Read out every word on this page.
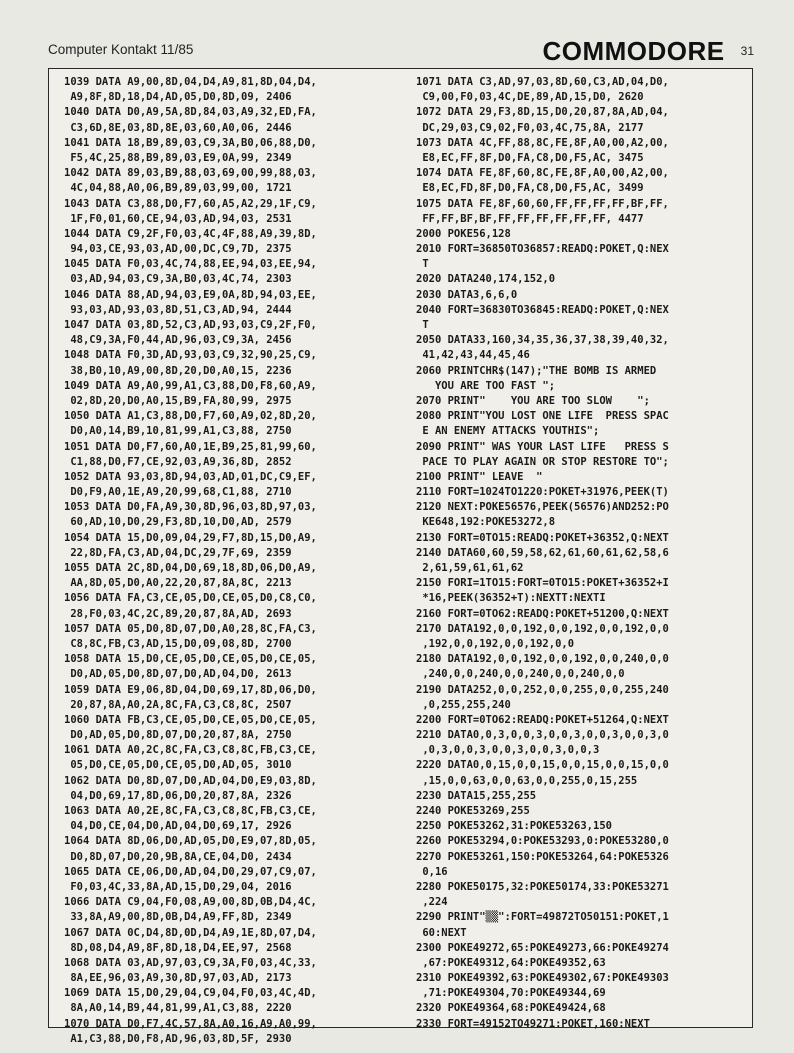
Computer Kontakt 11/85	COMMODORE $^{31}$
1039 DATA A9,00,8D,04,D4,A9,81,8D,04,D4,
A9,8F,8D,18,D4,AD,05,D0,8D,09, 2406
1040 DATA D0,A9,5A,8D,84,03,A9,32,ED,FA,
C3,6D,8E,03,8D,8E,03,60,A0,06, 2446
1041 DATA 18,B9,89,03,C9,3A,B0,06,88,D0,
F5,4C,25,88,B9,89,03,E9,0A,99, 2349
1042 DATA 89,03,B9,88,03,69,00,99,88,03,
4C,04,88,A0,06,B9,89,03,99,00, 1721
1043 DATA C3,88,D0,F7,60,A5,A2,29,1F,C9,
1F,F0,01,60,CE,94,03,AD,94,03, 2531
1044 DATA C9,2F,F0,03,4C,4F,88,A9,39,8D,
94,03,CE,93,03,AD,00,DC,C9,7D, 2375
1045 DATA F0,03,4C,74,88,EE,94,03,EE,94,
03,AD,94,03,C9,3A,B0,03,4C,74, 2303
1046 DATA 88,AD,94,03,E9,0A,8D,94,03,EE,
93,03,AD,93,03,8D,51,C3,AD,94, 2444
1047 DATA 03,8D,52,C3,AD,93,03,C9,2F,F0,
48,C9,3A,F0,44,AD,96,03,C9,3A, 2456
1048 DATA F0,3D,AD,93,03,C9,32,90,25,C9,
38,B0,10,A9,00,8D,20,D0,A0,15, 2236
1049 DATA A9,A0,99,A1,C3,88,D0,F8,60,A9,
02,8D,20,D0,A0,15,B9,FA,80,99, 2975
1050 DATA A1,C3,88,D0,F7,60,A9,02,8D,20,
D0,A0,14,B9,10,81,99,A1,C3,88, 2750
1051 DATA D0,F7,60,A0,1E,B9,25,81,99,60,
C1,88,D0,F7,CE,92,03,A9,36,8D, 2852
1052 DATA 93,03,8D,94,03,AD,01,DC,C9,EF,
D0,F9,A0,1E,A9,20,99,68,C1,88, 2710
1053 DATA D0,FA,A9,30,8D,96,03,8D,97,03,
60,AD,10,D0,29,F3,8D,10,D0,AD, 2579
1054 DATA 15,D0,09,04,29,F7,8D,15,D0,A9,
22,8D,FA,C3,AD,04,DC,29,7F,69, 2359
1055 DATA 2C,8D,04,D0,69,18,8D,06,D0,A9,
AA,8D,05,D0,A0,22,20,87,8A,8C, 2213
1056 DATA FA,C3,CE,05,D0,CE,05,D0,C8,C0,
28,F0,03,4C,2C,89,20,87,8A,AD, 2693
1057 DATA 05,D0,8D,07,D0,A0,28,8C,FA,C3,
C8,8C,FB,C3,AD,15,D0,09,08,8D, 2700
1058 DATA 15,D0,CE,05,D0,CE,05,D0,CE,05,
D0,AD,05,D0,8D,07,D0,AD,04,D0, 2613
1059 DATA E9,06,8D,04,D0,69,17,8D,06,D0,
20,87,8A,A0,2A,8C,FA,C3,C8,8C, 2507
1060 DATA FB,C3,CE,05,D0,CE,05,D0,CE,05,
D0,AD,05,D0,8D,07,D0,20,87,8A, 2750
1061 DATA A0,2C,8C,FA,C3,C8,8C,FB,C3,CE,
05,D0,CE,05,D0,CE,05,D0,AD,05, 3010
1062 DATA D0,8D,07,D0,AD,04,D0,E9,03,8D,
04,D0,69,17,8D,06,D0,20,87,8A, 2326
1063 DATA A0,2E,8C,FA,C3,C8,8C,FB,C3,CE,
04,D0,CE,04,D0,AD,04,D0,69,17, 2926
1064 DATA 8D,06,D0,AD,05,D0,E9,07,8D,05,
D0,8D,07,D0,20,9B,8A,CE,04,D0, 2434
1065 DATA CE,06,D0,AD,04,D0,29,07,C9,07,
F0,03,4C,33,8A,AD,15,D0,29,04, 2016
1066 DATA C9,04,F0,08,A9,00,8D,0B,D4,4C,
33,8A,A9,00,8D,0B,D4,A9,FF,8D, 2349
1067 DATA 0C,D4,8D,0D,D4,A9,1E,8D,07,D4,
8D,08,D4,A9,8F,8D,18,D4,EE,97, 2568
1068 DATA 03,AD,97,03,C9,3A,F0,03,4C,33,
8A,EE,96,03,A9,30,8D,97,03,AD, 2173
1069 DATA 15,D0,29,04,C9,04,F0,03,4C,4D,
8A,A0,14,B9,44,81,99,A1,C3,88, 2220
1070 DATA D0,F7,4C,57,8A,A0,16,A9,A0,99,
A1,C3,88,D0,F8,AD,96,03,8D,5F, 2930
1071 DATA C3,AD,97,03,8D,60,C3,AD,04,D0,
C9,00,F0,03,4C,DE,89,AD,15,D0, 2620
1072 DATA 29,F3,8D,15,D0,20,87,8A,AD,04,
DC,29,03,C9,02,F0,03,4C,75,8A, 2177
1073 DATA 4C,FF,88,8C,FE,8F,A0,00,A2,00,
E8,EC,FF,8F,D0,FA,C8,D0,F5,AC, 3475
1074 DATA FE,8F,60,8C,FE,8F,A0,00,A2,00,
E8,EC,FD,8F,D0,FA,C8,D0,F5,AC, 3499
1075 DATA FE,8F,60,60,FF,FF,FF,FF,BF,FF,
FF,FF,BF,BF,FF,FF,FF,FF,FF,FF, 4477
2000 POKE56,128
2010 FORT=36850TO36857:READQ:POKET,Q:NEX
T
2020 DATA240,174,152,0
2030 DATA3,6,6,0
2040 FORT=36830TO36845:READQ:POKET,Q:NEX
T
2050 DATA33,160,34,35,36,37,38,39,40,32,
41,42,43,44,45,46
2060 PRINTCHR$(147);"THE BOMB IS ARMED
YOU ARE TOO FAST ";
2070 PRINT"    YOU ARE TOO SLOW    ";
2080 PRINT"YOU LOST ONE LIFE  PRESS SPAC
E AN ENEMY ATTACKS YOUTHIS";
2090 PRINT" WAS YOUR LAST LIFE   PRESS S
PACE TO PLAY AGAIN OR STOP RESTORE TO";
2100 PRINT" LEAVE  "
2110 FORT=1024TO1220:POKET+31976,PEEK(T)
2120 NEXT:POKE56576,PEEK(56576)AND252:PO
KE648,192:POKE53272,8
2130 FORT=0TO15:READQ:POKET+36352,Q:NEXT
2140 DATA60,60,59,58,62,61,60,61,62,58,6
2,61,59,61,61,62
2150 FORI=1TO15:FORT=0TO15:POKET+36352+I
*16,PEEK(36352+T):NEXTT:NEXTI
2160 FORT=0TO62:READQ:POKET+51200,Q:NEXT
2170 DATA192,0,0,192,0,0,192,0,0,192,0,0
,192,0,0,192,0,0,192,0,0
2180 DATA192,0,0,192,0,0,192,0,0,240,0,0
,240,0,0,240,0,0,240,0,0,240,0,0
2190 DATA252,0,0,252,0,0,255,0,0,255,240
,0,255,255,240
2200 FORT=0TO62:READQ:POKET+51264,Q:NEXT
2210 DATA0,0,3,0,0,3,0,0,3,0,0,3,0,0,3,0
,0,3,0,0,3,0,0,3,0,0,3,0,0,3
2220 DATA0,0,15,0,0,15,0,0,15,0,0,15,0,0
,15,0,0,63,0,0,63,0,0,255,0,15,255
2230 DATA15,255,255
2240 POKE53269,255
2250 POKE53262,31:POKE53263,150
2260 POKE53294,0:POKE53293,0:POKE53280,0
2270 POKE53261,150:POKE53264,64:POKE5326
0,16
2280 POKE50175,32:POKE50174,33:POKE53271
,224
2290 PRINT"▒▒":FORT=49872TO50151:POKET,1
60:NEXT
2300 POKE49272,65:POKE49273,66:POKE49274
,67:POKE49312,64:POKE49352,63
2310 POKE49392,63:POKE49302,67:POKE49303
,71:POKE49304,70:POKE49344,69
2320 POKE49364,68:POKE49424,68
2330 FORT=49152TO49271:POKET,160:NEXT
